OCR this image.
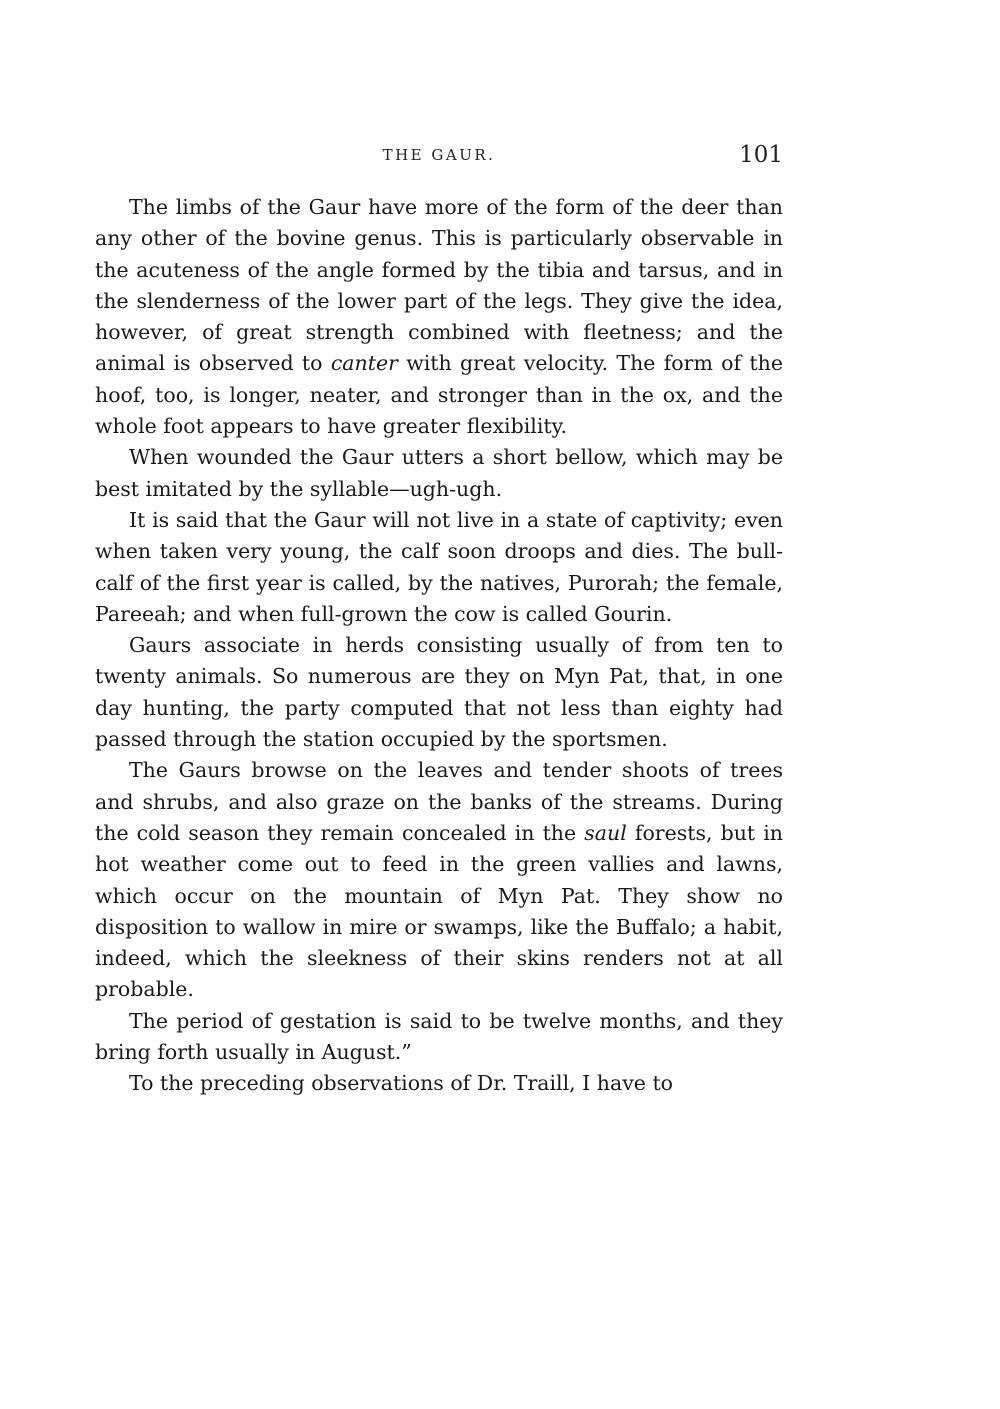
THE GAUR.	101

The limbs of the Gaur have more of the form of the deer than any other of the bovine genus. This is particularly observable in the acuteness of the angle formed by the tibia and tarsus, and in the slenderness of the lower part of the legs. They give the idea, however, of great strength combined with fleetness; and the animal is observed to canter with great velocity. The form of the hoof, too, is longer, neater, and stronger than in the ox, and the whole foot appears to have greater flexibility.

When wounded the Gaur utters a short bellow, which may be best imitated by the syllable—ugh-ugh.

It is said that the Gaur will not live in a state of captivity; even when taken very young, the calf soon droops and dies. The bull-calf of the first year is called, by the natives, Purorah; the female, Pareeah; and when full-grown the cow is called Gourin.

Gaurs associate in herds consisting usually of from ten to twenty animals. So numerous are they on Myn Pat, that, in one day hunting, the party computed that not less than eighty had passed through the station occupied by the sportsmen.

The Gaurs browse on the leaves and tender shoots of trees and shrubs, and also graze on the banks of the streams. During the cold season they remain concealed in the saul forests, but in hot weather come out to feed in the green vallies and lawns, which occur on the mountain of Myn Pat. They show no disposition to wallow in mire or swamps, like the Buffalo; a habit, indeed, which the sleekness of their skins renders not at all probable.

The period of gestation is said to be twelve months, and they bring forth usually in August.”

To the preceding observations of Dr. Traill, I have to
